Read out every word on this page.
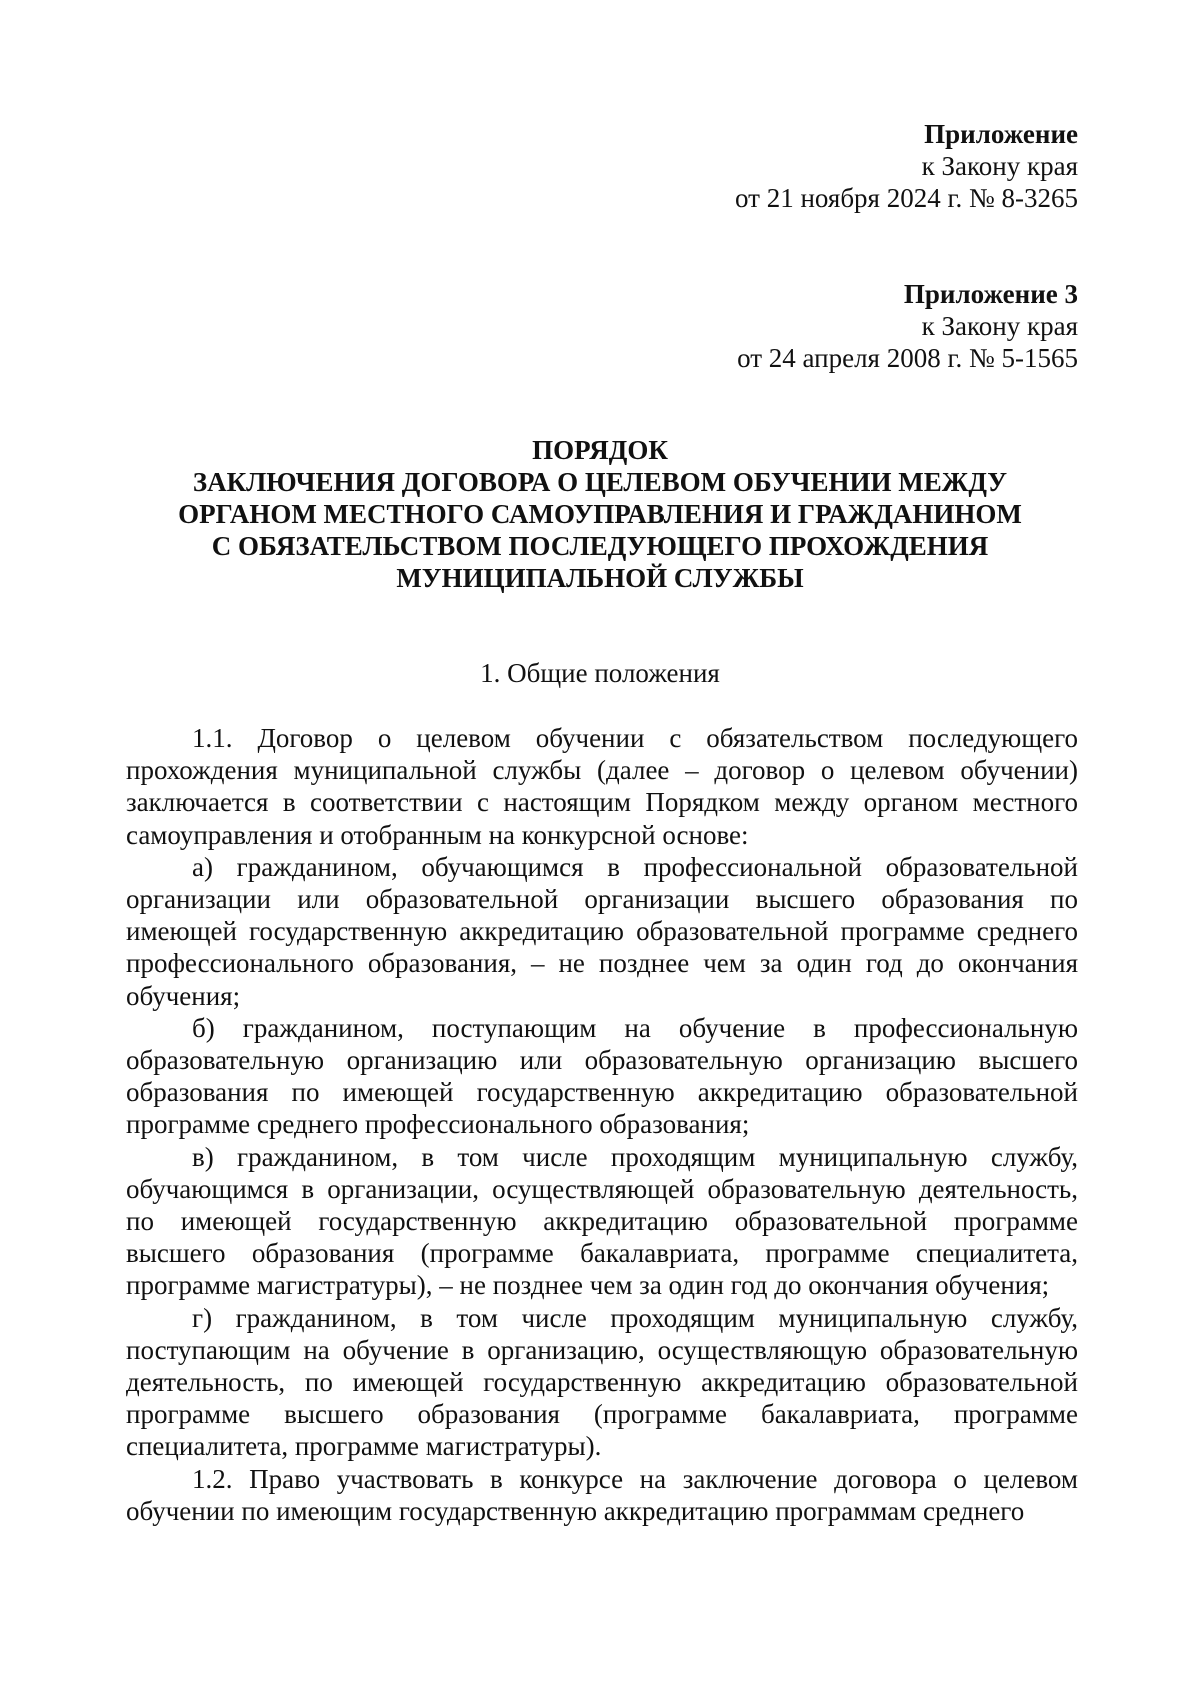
Приложение
к Закону края
от 21 ноября 2024 г. № 8-3265
Приложение 3
к Закону края
от 24 апреля 2008 г. № 5-1565
ПОРЯДОК
ЗАКЛЮЧЕНИЯ ДОГОВОРА О ЦЕЛЕВОМ ОБУЧЕНИИ МЕЖДУ
ОРГАНОМ МЕСТНОГО САМОУПРАВЛЕНИЯ И ГРАЖДАНИНОМ
С ОБЯЗАТЕЛЬСТВОМ ПОСЛЕДУЮЩЕГО ПРОХОЖДЕНИЯ
МУНИЦИПАЛЬНОЙ СЛУЖБЫ
1. Общие положения

1.1. Договор о целевом обучении с обязательством последующего прохождения муниципальной службы (далее – договор о целевом обучении) заключается в соответствии с настоящим Порядком между органом местного самоуправления и отобранным на конкурсной основе:

а) гражданином, обучающимся в профессиональной образовательной организации или образовательной организации высшего образования по имеющей государственную аккредитацию образовательной программе среднего профессионального образования, – не позднее чем за один год до окончания обучения;

б) гражданином, поступающим на обучение в профессиональную образовательную организацию или образовательную организацию высшего образования по имеющей государственную аккредитацию образовательной программе среднего профессионального образования;

в) гражданином, в том числе проходящим муниципальную службу, обучающимся в организации, осуществляющей образовательную деятельность, по имеющей государственную аккредитацию образовательной программе высшего образования (программе бакалавриата, программе специалитета, программе магистратуры), – не позднее чем за один год до окончания обучения;

г) гражданином, в том числе проходящим муниципальную службу, поступающим на обучение в организацию, осуществляющую образовательную деятельность, по имеющей государственную аккредитацию образовательной программе высшего образования (программе бакалавриата, программе специалитета, программе магистратуры).

1.2. Право участвовать в конкурсе на заключение договора о целевом обучении по имеющим государственную аккредитацию программам среднего
